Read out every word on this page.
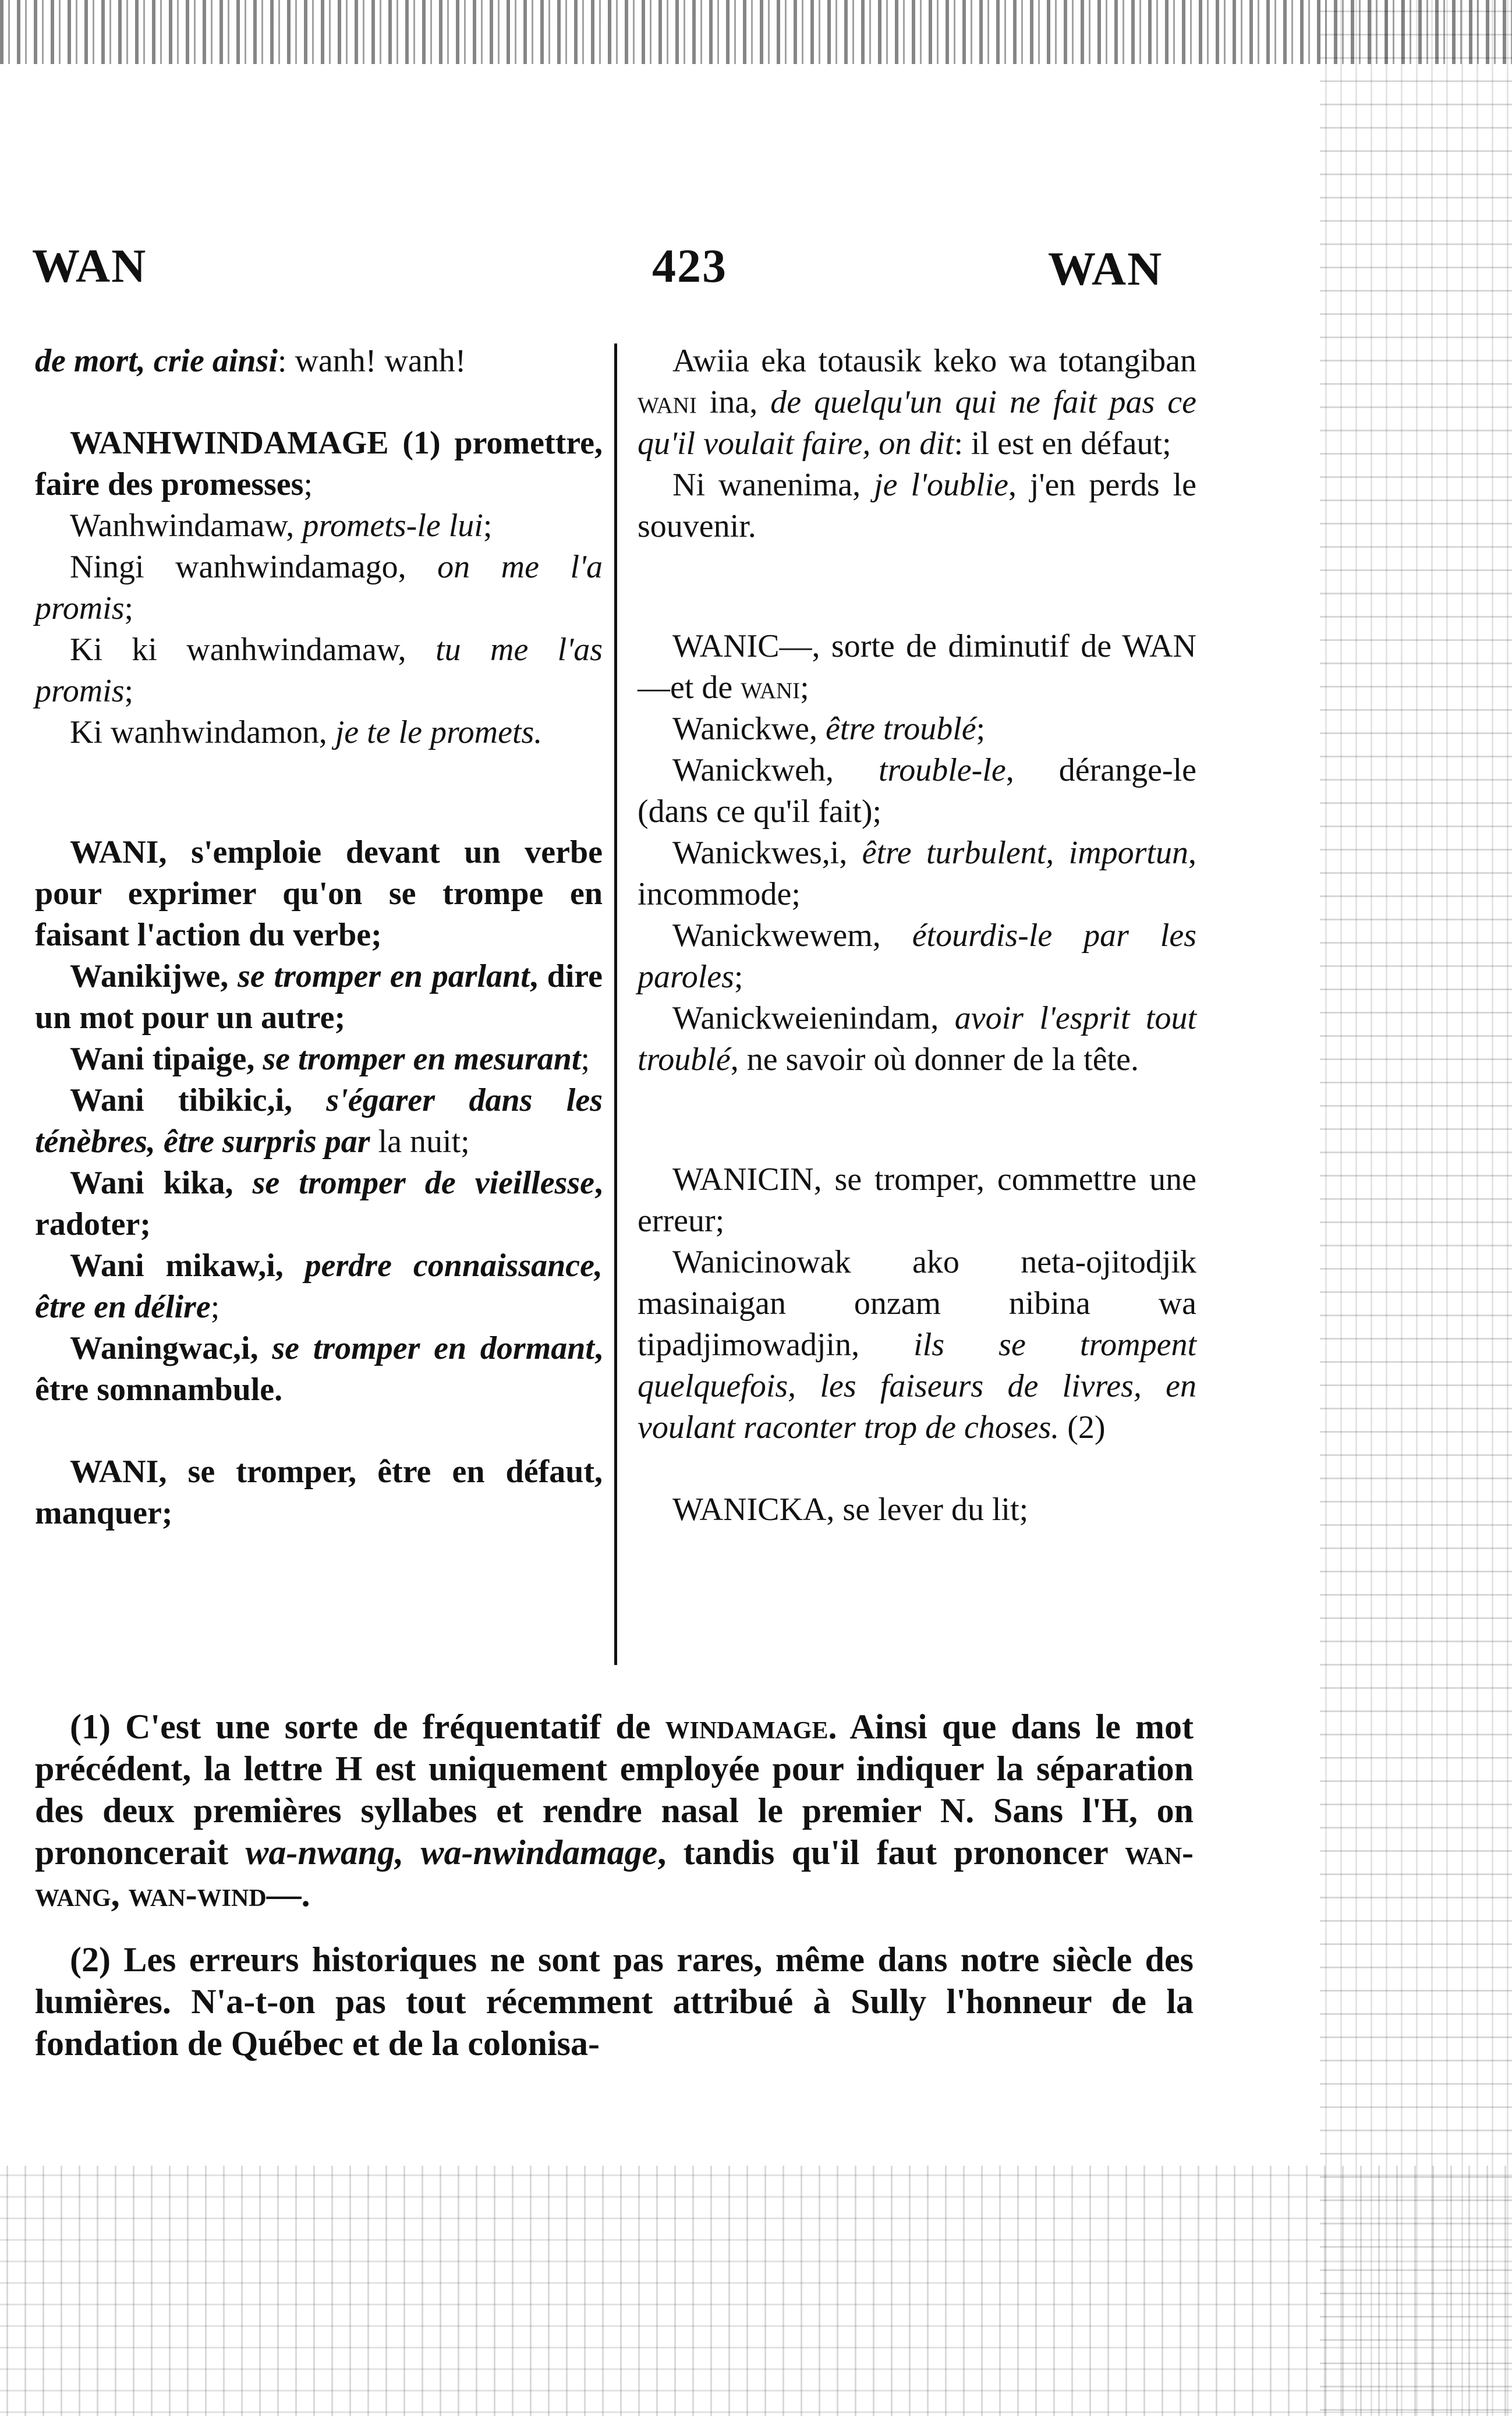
WAN	423	WAN

de mort, crie ainsi: wanh! wanh!

WANHWINDAMAGE (1) promettre, faire des promesses;

Wanhwindamaw, promets-le lui;

Ningi wanhwindamago, on me l'a promis;

Ki ki wanhwindamaw, tu me l'as promis;

Ki wanhwindamon, je te le promets.

WANI, s'emploie devant un verbe pour exprimer qu'on se trompe en faisant l'action du verbe;

Wanikijwe, se tromper en parlant, dire un mot pour un autre;

Wani tipaige, se tromper en mesurant;

Wani tibikic,i, s'égarer dans les ténèbres, être surpris par la nuit;

Wani kika, se tromper de vieillesse, radoter;

Wani mikaw,i, perdre connaissance, être en délire;

Waningwac,i, se tromper en dormant, être somnambule.

WANI, se tromper, être en défaut, manquer;

Awiia eka totausik keko wa totangiban wani ina, de quelqu'un qui ne fait pas ce qu'il voulait faire, on dit: il est en défaut;

Ni wanenima, je l'oublie, j'en perds le souvenir.

WANIC—, sorte de diminutif de WAN—et de wani;

Wanickwe, être troublé;

Wanickweh, trouble-le, dérange-le (dans ce qu'il fait);

Wanickwes,i, être turbulent, importun, incommode;

Wanickwewem, étourdis-le par les paroles;

Wanickweienindam, avoir l'esprit tout troublé, ne savoir où donner de la tête.

WANICIN, se tromper, commettre une erreur;

Wanicinowak ako neta-ojitodjik masinaigan onzam nibina wa tipadjimowadjin, ils se trompent quelquefois, les faiseurs de livres, en voulant raconter trop de choses. (2)

WANICKA, se lever du lit;

(1) C'est une sorte de fréquentatif de windamage. Ainsi que dans le mot précédent, la lettre H est uniquement employée pour indiquer la séparation des deux premières syllabes et rendre nasal le premier N. Sans l'H, on prononcerait wa-nwang, wa-nwindamage, tandis qu'il faut prononcer wan-wang, wan-wind—.

(2) Les erreurs historiques ne sont pas rares, même dans notre siècle des lumières. N'a-t-on pas tout récemment attribué à Sully l'honneur de la fondation de Québec et de la colonisa-
